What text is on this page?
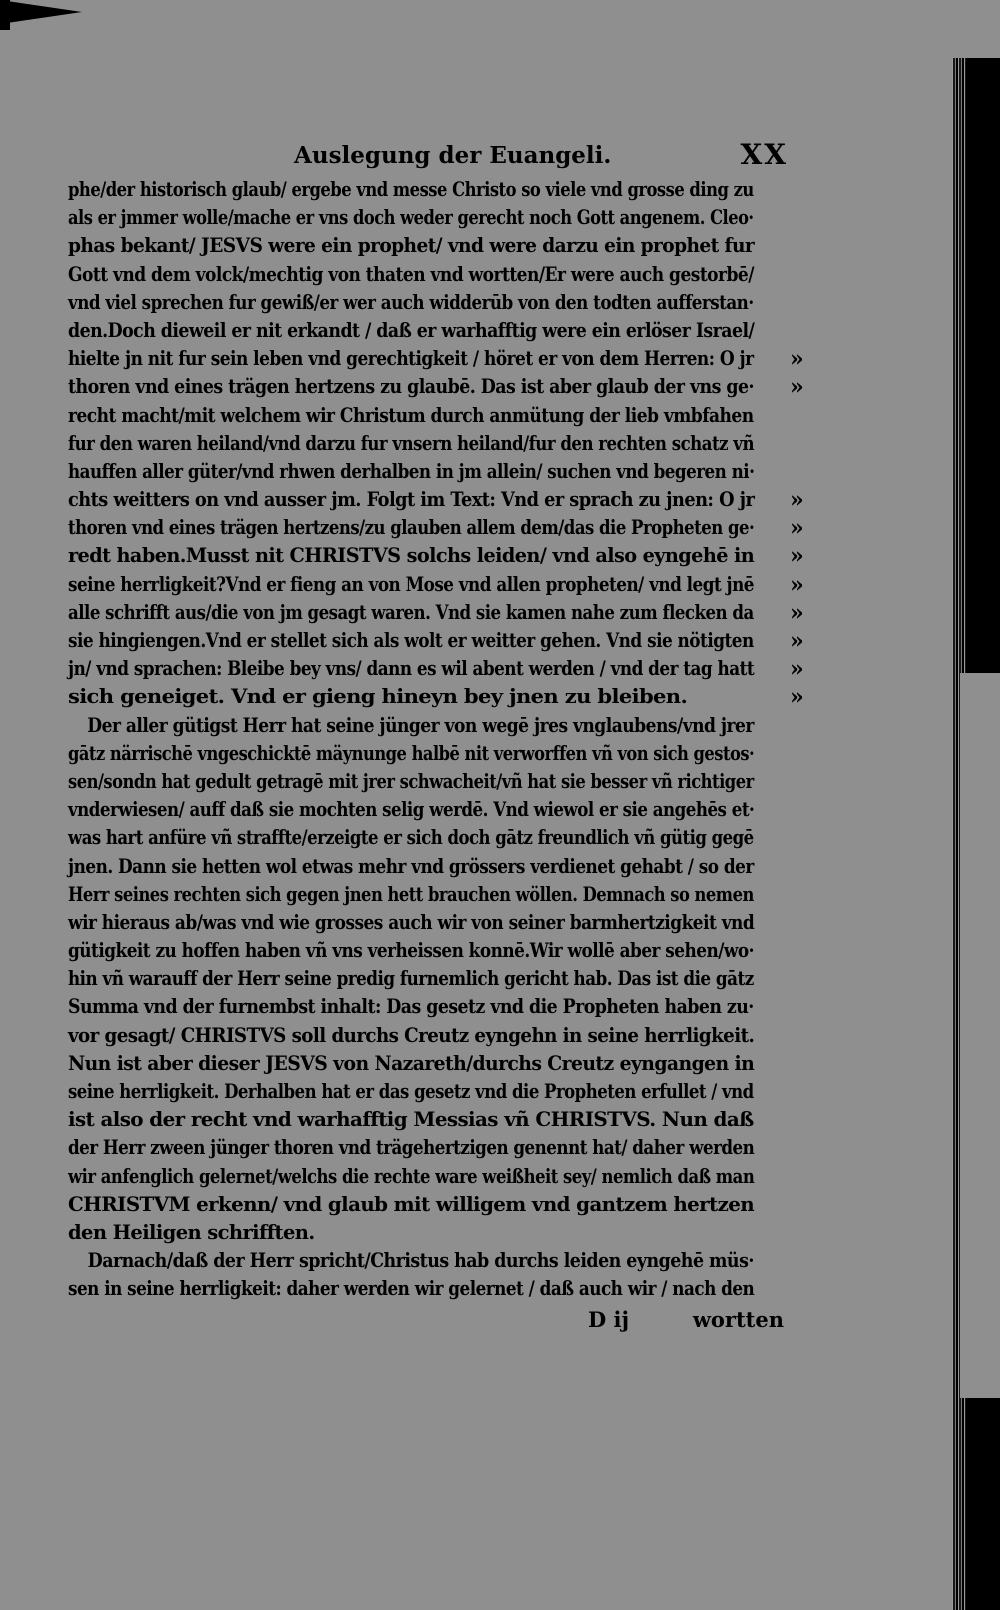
Auslegung der Euangeli.	XX
phe/der historisch glaub/ ergebe vnd messe Christo so viele vnd grosse ding zu
als er jmmer wolle/mache er vns doch weder gerecht noch Gott angenem. Cleo·
phas bekant/ JESVS were ein prophet/ vnd were darzu ein prophet fur
Gott vnd dem volck/mechtig von thaten vnd wortten/Er were auch gestorbē/
vnd viel sprechen fur gewiß/er wer auch widderūb von den todten aufferstan·
den.Doch dieweil er nit erkandt / daß er warhafftig were ein erlöser Israel/
hielte jn nit fur sein leben vnd gerechtigkeit / höret er von dem Herren: O jr »
thoren vnd eines trägen hertzens zu glaubē. Das ist aber glaub der vns ge· »
recht macht/mit welchem wir Christum durch anmütung der lieb vmbfahen
fur den waren heiland/vnd darzu fur vnsern heiland/fur den rechten schatz vñ
hauffen aller güter/vnd rhwen derhalben in jm allein/ suchen vnd begeren ni·
chts weitters on vnd ausser jm. Folgt im Text: Vnd er sprach zu jnen: O jr »
thoren vnd eines trägen hertzens/zu glauben allem dem/das die Propheten ge· »
redt haben.Musst nit CHRISTVS solchs leiden/ vnd also eyngehē in »
seine herrligkeit?Vnd er fieng an von Mose vnd allen propheten/ vnd legt jnē »
alle schrifft aus/die von jm gesagt waren. Vnd sie kamen nahe zum flecken da »
sie hingiengen.Vnd er stellet sich als wolt er weitter gehen. Vnd sie nötigten »
jn/ vnd sprachen: Bleibe bey vns/ dann es wil abent werden / vnd der tag hatt »
sich geneiget. Vnd er gieng hineyn bey jnen zu bleiben.	»
Der aller gütigst Herr hat seine jünger von wegē jres vnglaubens/vnd jrer
gātz närrischē vngeschicktē mäynunge halbē nit verworffen vñ von sich gestos·
sen/sondn hat gedult getragē mit jrer schwacheit/vñ hat sie besser vñ richtiger
vnderwiesen/ auff daß sie mochten selig werdē. Vnd wiewol er sie angehēs et·
was hart anfüre vñ straffte/erzeigte er sich doch gātz freundlich vñ gütig gegē
jnen. Dann sie hetten wol etwas mehr vnd grössers verdienet gehabt / so der
Herr seines rechten sich gegen jnen hett brauchen wöllen. Demnach so nemen
wir hieraus ab/was vnd wie grosses auch wir von seiner barmhertzigkeit vnd
gütigkeit zu hoffen haben vñ vns verheissen konnē.Wir wollē aber sehen/wo·
hin vñ warauff der Herr seine predig furnemlich gericht hab. Das ist die gātz
Summa vnd der furnembst inhalt: Das gesetz vnd die Propheten haben zu·
vor gesagt/ CHRISTVS soll durchs Creutz eyngehn in seine herrligkeit.
Nun ist aber dieser JESVS von Nazareth/durchs Creutz eyngangen in
seine herrligkeit. Derhalben hat er das gesetz vnd die Propheten erfullet / vnd
ist also der recht vnd warhafftig Messias vñ CHRISTVS. Nun daß
der Herr zween jünger thoren vnd trägehertzigen genennt hat/ daher werden
wir anfenglich gelernet/welchs die rechte ware weißheit sey/ nemlich daß man
CHRISTVM erkenn/ vnd glaub mit willigem vnd gantzem hertzen
den Heiligen schrifften.
Darnach/daß der Herr spricht/Christus hab durchs leiden eyngehē müs·
sen in seine herrligkeit: daher werden wir gelernet / daß auch wir / nach den
D ij	wortten
